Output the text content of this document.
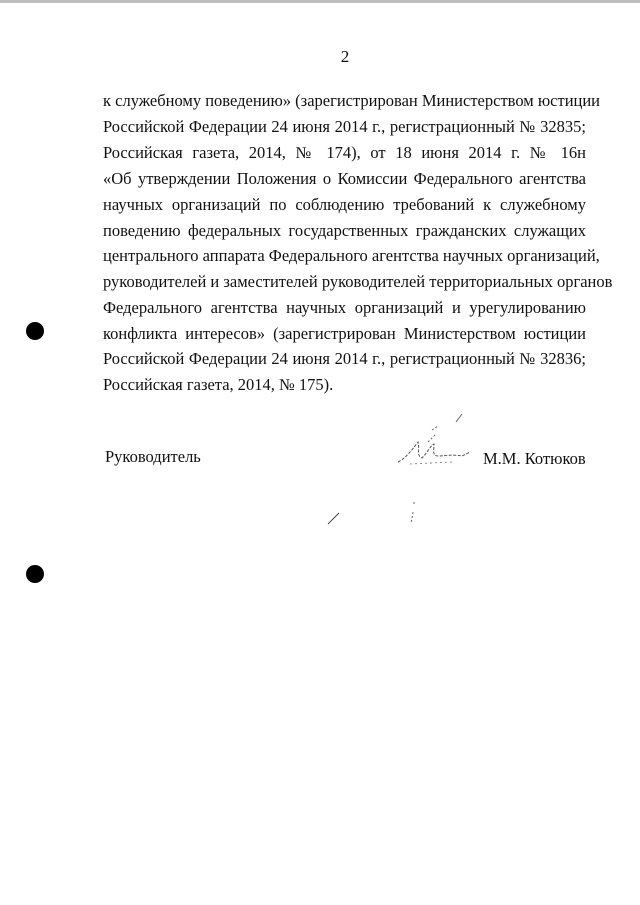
2
к служебному поведению» (зарегистрирован Министерством юстиции
Российской Федерации 24 июня 2014 г., регистрационный № 32835;
Российская газета, 2014, № 174), от 18 июня 2014 г. № 16н
«Об утверждении Положения о Комиссии Федерального агентства
научных организаций по соблюдению требований к служебному
поведению федеральных государственных гражданских служащих
центрального аппарата Федерального агентства научных организаций,
руководителей и заместителей руководителей территориальных органов
Федерального агентства научных организаций и урегулированию
конфликта интересов» (зарегистрирован Министерством юстиции
Российской Федерации 24 июня 2014 г., регистрационный № 32836;
Российская газета, 2014, № 175).
Руководитель	М.М. Котюков
